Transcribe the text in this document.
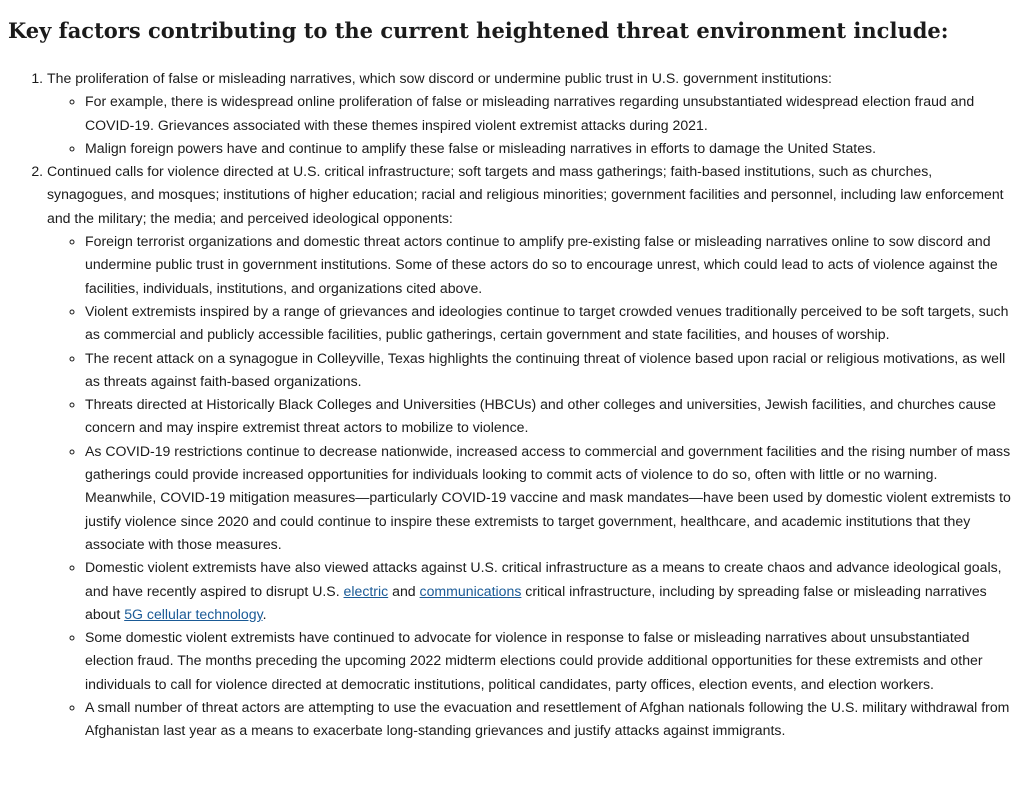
Key factors contributing to the current heightened threat environment include:
1. The proliferation of false or misleading narratives, which sow discord or undermine public trust in U.S. government institutions:
◦ For example, there is widespread online proliferation of false or misleading narratives regarding unsubstantiated widespread election fraud and COVID-19. Grievances associated with these themes inspired violent extremist attacks during 2021.
◦ Malign foreign powers have and continue to amplify these false or misleading narratives in efforts to damage the United States.
2. Continued calls for violence directed at U.S. critical infrastructure; soft targets and mass gatherings; faith-based institutions, such as churches, synagogues, and mosques; institutions of higher education; racial and religious minorities; government facilities and personnel, including law enforcement and the military; the media; and perceived ideological opponents:
◦ Foreign terrorist organizations and domestic threat actors continue to amplify pre-existing false or misleading narratives online to sow discord and undermine public trust in government institutions. Some of these actors do so to encourage unrest, which could lead to acts of violence against the facilities, individuals, institutions, and organizations cited above.
◦ Violent extremists inspired by a range of grievances and ideologies continue to target crowded venues traditionally perceived to be soft targets, such as commercial and publicly accessible facilities, public gatherings, certain government and state facilities, and houses of worship.
◦ The recent attack on a synagogue in Colleyville, Texas highlights the continuing threat of violence based upon racial or religious motivations, as well as threats against faith-based organizations.
◦ Threats directed at Historically Black Colleges and Universities (HBCUs) and other colleges and universities, Jewish facilities, and churches cause concern and may inspire extremist threat actors to mobilize to violence.
◦ As COVID-19 restrictions continue to decrease nationwide, increased access to commercial and government facilities and the rising number of mass gatherings could provide increased opportunities for individuals looking to commit acts of violence to do so, often with little or no warning. Meanwhile, COVID-19 mitigation measures—particularly COVID-19 vaccine and mask mandates—have been used by domestic violent extremists to justify violence since 2020 and could continue to inspire these extremists to target government, healthcare, and academic institutions that they associate with those measures.
◦ Domestic violent extremists have also viewed attacks against U.S. critical infrastructure as a means to create chaos and advance ideological goals, and have recently aspired to disrupt U.S. electric and communications critical infrastructure, including by spreading false or misleading narratives about 5G cellular technology.
◦ Some domestic violent extremists have continued to advocate for violence in response to false or misleading narratives about unsubstantiated election fraud. The months preceding the upcoming 2022 midterm elections could provide additional opportunities for these extremists and other individuals to call for violence directed at democratic institutions, political candidates, party offices, election events, and election workers.
◦ A small number of threat actors are attempting to use the evacuation and resettlement of Afghan nationals following the U.S. military withdrawal from Afghanistan last year as a means to exacerbate long-standing grievances and justify attacks against immigrants.
